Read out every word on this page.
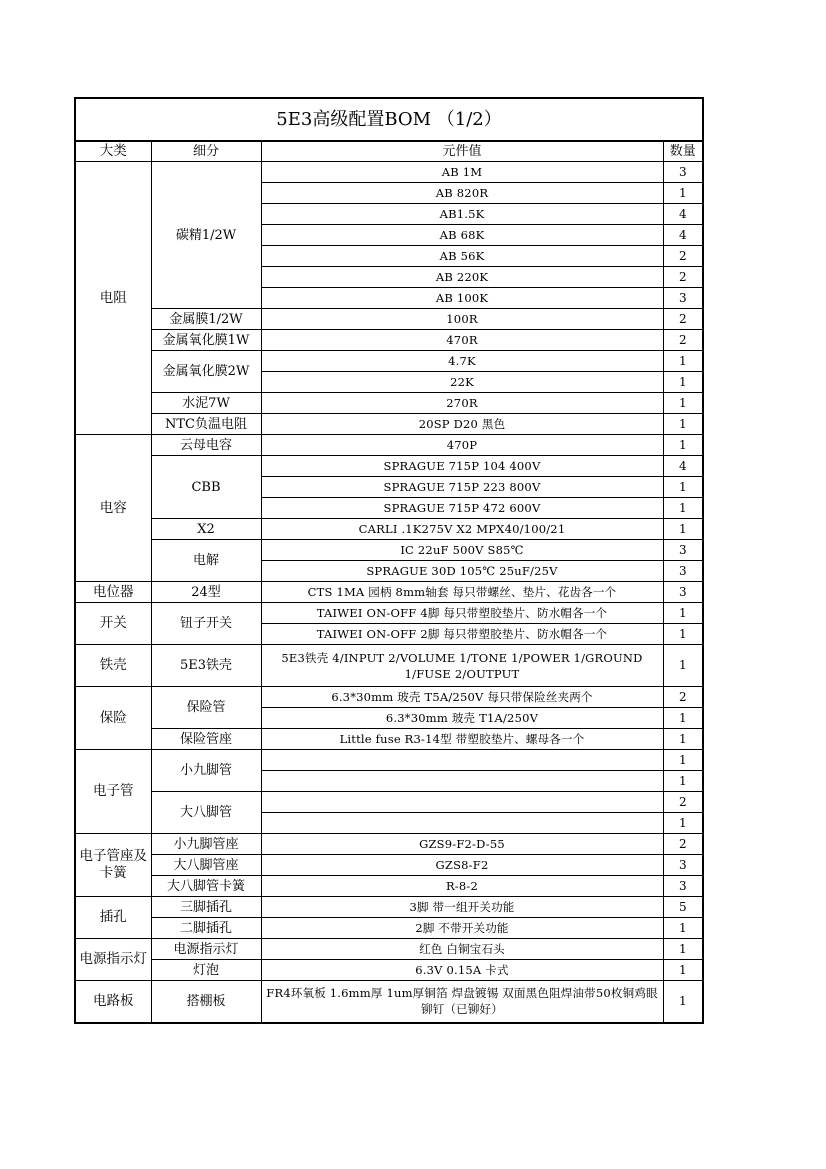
5E3高级配置BOM （1/2）			
大类	细分	元件值	数量
电阻	碳精1/2W	AB 1M	3
		AB 820R	1
		AB1.5K	4
		AB 68K	4
		AB 56K	2
		AB 220K	2
		AB 100K	3
	金属膜1/2W	100R	2
	金属氧化膜1W	470R	2
	金属氧化膜2W	4.7K	1
		22K	1
	水泥7W	270R	1
	NTC负温电阻	20SP D20 黑色	1
电容	云母电容	470P	1
	CBB	SPRAGUE 715P 104 400V	4
		SPRAGUE 715P 223 800V	1
		SPRAGUE 715P 472 600V	1
	X2	CARLI .1K275V X2 MPX40/100/21	1
	电解	IC 22uF 500V S85℃	3
		SPRAGUE 30D 105℃ 25uF/25V	3
电位器	24型	CTS 1MA 园柄 8mm轴套 每只带螺丝、垫片、花齿各一个	3
开关	钮子开关	TAIWEI ON-OFF 4脚 每只带塑胶垫片、防水帽各一个	1
		TAIWEI ON-OFF 2脚 每只带塑胶垫片、防水帽各一个	1
铁壳	5E3铁壳	5E3铁壳 4/INPUT 2/VOLUME 1/TONE 1/POWER 1/GROUND 1/FUSE 2/OUTPUT	1
保险	保险管	6.3*30mm 玻壳 T5A/250V 每只带保险丝夹两个	2
		6.3*30mm 玻壳 T1A/250V	1
	保险管座	Little fuse R3-14型 带塑胶垫片、螺母各一个	1
电子管	小九脚管		1
			1
	大八脚管		2
			1
电子管座及卡簧	小九脚管座	GZS9-F2-D-55	2
	大八脚管座	GZS8-F2	3
	大八脚管卡簧	R-8-2	3
插孔	三脚插孔	3脚 带一组开关功能	5
	二脚插孔	2脚 不带开关功能	1
电源指示灯	电源指示灯	红色 白铜宝石头	1
	灯泡	6.3V 0.15A 卡式	1
电路板	搭棚板	FR4环氧板 1.6mm厚 1um厚铜箔 焊盘镀锡 双面黑色阻焊油带50枚铜鸡眼铆钉（已铆好）	1
